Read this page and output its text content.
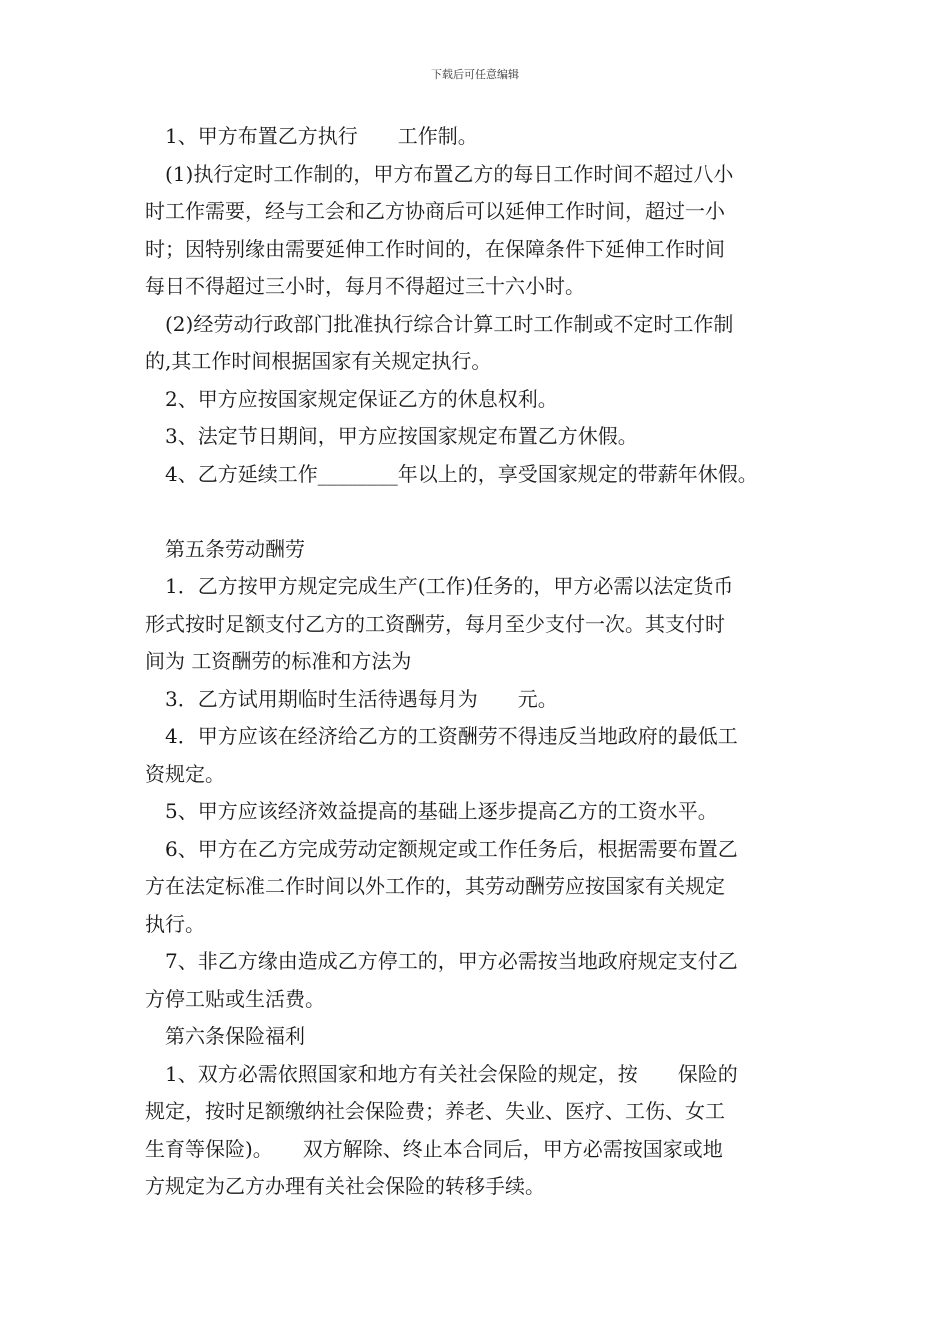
下载后可任意编辑

1、甲方布置乙方执行　　工作制。

(1)执行定时工作制的，甲方布置乙方的每日工作时间不超过八小

时工作需要，经与工会和乙方协商后可以延伸工作时间，超过一小

时；因特别缘由需要延伸工作时间的，在保障条件下延伸工作时间

每日不得超过三小时，每月不得超过三十六小时。

(2)经劳动行政部门批准执行综合计算工时工作制或不定时工作制

的,其工作时间根据国家有关规定执行。

2、甲方应按国家规定保证乙方的休息权利。

3、法定节日期间，甲方应按国家规定布置乙方休假。

4、乙方延续工作________年以上的，享受国家规定的带薪年休假。

第五条劳动酬劳

1．乙方按甲方规定完成生产(工作)任务的，甲方必需以法定货币

形式按时足额支付乙方的工资酬劳，每月至少支付一次。其支付时

间为 工资酬劳的标准和方法为

3．乙方试用期临时生活待遇每月为　　元。

4．甲方应该在经济给乙方的工资酬劳不得违反当地政府的最低工

资规定。

5、甲方应该经济效益提高的基础上逐步提高乙方的工资水平。

6、甲方在乙方完成劳动定额规定或工作任务后，根据需要布置乙

方在法定标准二作时间以外工作的，其劳动酬劳应按国家有关规定

执行。

7、非乙方缘由造成乙方停工的，甲方必需按当地政府规定支付乙

方停工贴或生活费。

第六条保险福利

1、双方必需依照国家和地方有关社会保险的规定，按　　保险的

规定，按时足额缴纳社会保险费；养老、失业、医疗、工伤、女工

生育等保险)。　　双方解除、终止本合同后，甲方必需按国家或地

方规定为乙方办理有关社会保险的转移手续。
